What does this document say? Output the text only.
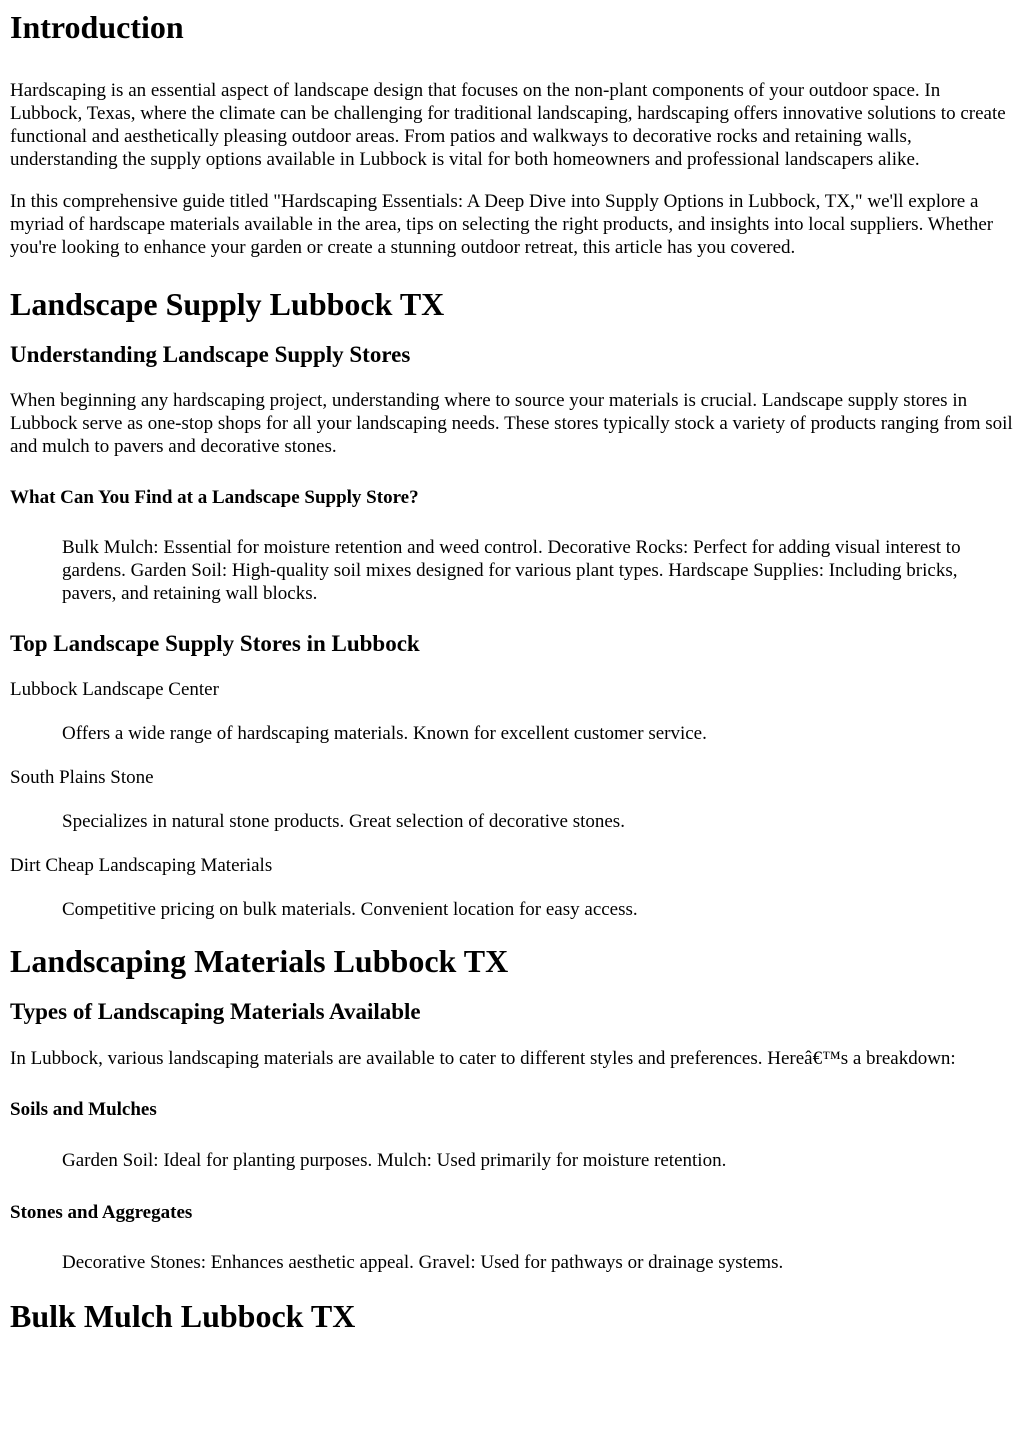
Introduction

Hardscaping is an essential aspect of landscape design that focuses on the non-plant components of your outdoor space. In Lubbock, Texas, where the climate can be challenging for traditional landscaping, hardscaping offers innovative solutions to create functional and aesthetically pleasing outdoor areas. From patios and walkways to decorative rocks and retaining walls, understanding the supply options available in Lubbock is vital for both homeowners and professional landscapers alike.

In this comprehensive guide titled "Hardscaping Essentials: A Deep Dive into Supply Options in Lubbock, TX," we'll explore a myriad of hardscape materials available in the area, tips on selecting the right products, and insights into local suppliers. Whether you're looking to enhance your garden or create a stunning outdoor retreat, this article has you covered.

Landscape Supply Lubbock TX
Understanding Landscape Supply Stores

When beginning any hardscaping project, understanding where to source your materials is crucial. Landscape supply stores in Lubbock serve as one-stop shops for all your landscaping needs. These stores typically stock a variety of products ranging from soil and mulch to pavers and decorative stones.

What Can You Find at a Landscape Supply Store?

Bulk Mulch: Essential for moisture retention and weed control. Decorative Rocks: Perfect for adding visual interest to gardens. Garden Soil: High-quality soil mixes designed for various plant types. Hardscape Supplies: Including bricks, pavers, and retaining wall blocks.

Top Landscape Supply Stores in Lubbock

Lubbock Landscape Center

Offers a wide range of hardscaping materials. Known for excellent customer service.

South Plains Stone

Specializes in natural stone products. Great selection of decorative stones.

Dirt Cheap Landscaping Materials

Competitive pricing on bulk materials. Convenient location for easy access.

Landscaping Materials Lubbock TX
Types of Landscaping Materials Available

In Lubbock, various landscaping materials are available to cater to different styles and preferences. Hereâ€™s a breakdown:

Soils and Mulches

Garden Soil: Ideal for planting purposes. Mulch: Used primarily for moisture retention.

Stones and Aggregates

Decorative Stones: Enhances aesthetic appeal. Gravel: Used for pathways or drainage systems.

Bulk Mulch Lubbock TX
